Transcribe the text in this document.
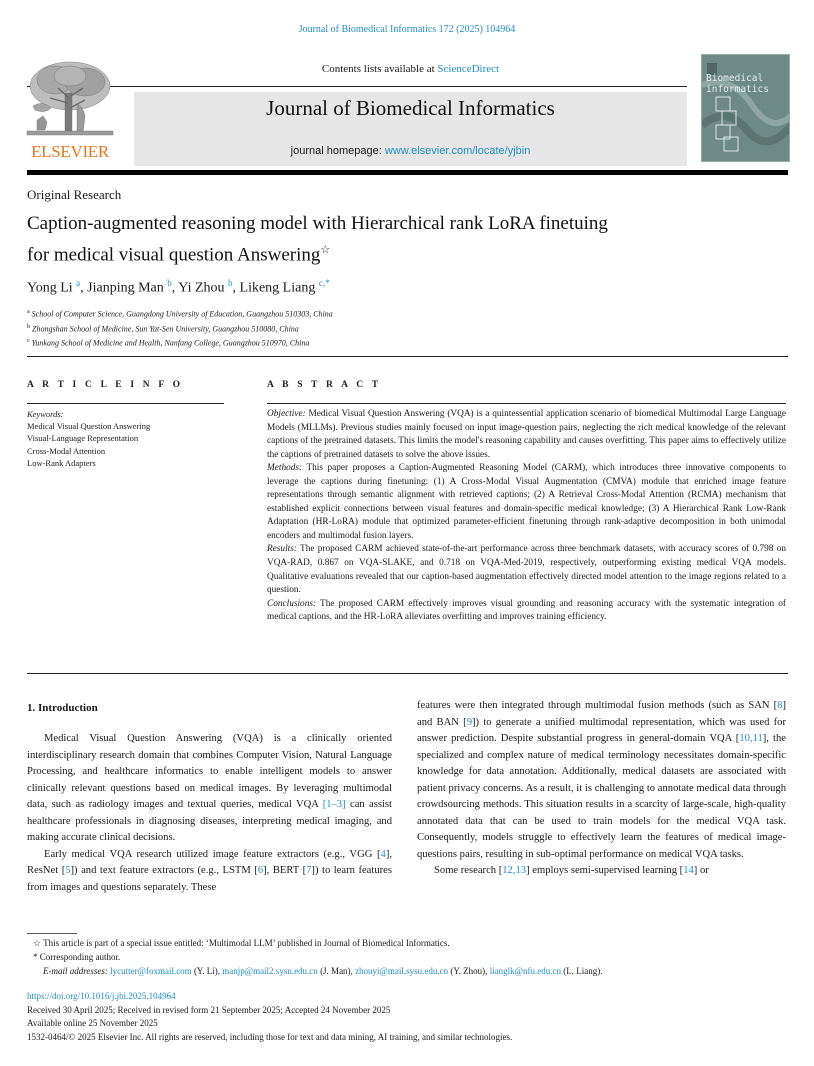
Journal of Biomedical Informatics 172 (2025) 104964
ELSEVIER
Contents lists available at ScienceDirect
Journal of Biomedical Informatics
journal homepage: www.elsevier.com/locate/yjbin
Biomedical
informatics
Original Research
Caption-augmented reasoning model with Hierarchical rank LoRA finetuing
for medical visual question Answering☆
Yong Li $^a$, Jianping Man $^b$, Yi Zhou $^b$, Likeng Liang $^{c,*}$
$^a$ School of Computer Science, Guangdong University of Education, Guangzhou 510303, China
$^b$ Zhongshan School of Medicine, Sun Yat-Sen University, Guangzhou 510080, China
$^c$ Yunkang School of Medicine and Health, Nanfang College, Guangzhou 510970, China
A R T I C L E I N F O
Keywords:
Medical Visual Question Answering
Visual-Language Representation
Cross-Modal Attention
Low-Rank Adapters
A B S T R A C T

Objective: Medical Visual Question Answering (VQA) is a quintessential application scenario of biomedical Multimodal Large Language Models (MLLMs). Previous studies mainly focused on input image-question pairs, neglecting the rich medical knowledge of the relevant captions of the pretrained datasets. This limits the model's reasoning capability and causes overfitting. This paper aims to effectively utilize the captions of pretrained datasets to solve the above issues.

Methods: This paper proposes a Caption-Augmented Reasoning Model (CARM), which introduces three innovative components to leverage the captions during finetuning: (1) A Cross-Modal Visual Augmentation (CMVA) module that enriched image feature representations through semantic alignment with retrieved captions; (2) A Retrieval Cross-Modal Attention (RCMA) mechanism that established explicit connections between visual features and domain-specific medical knowledge; (3) A Hierarchical Rank Low-Rank Adaptation (HR-LoRA) module that optimized parameter-efficient finetuning through rank-adaptive decomposition in both unimodal encoders and multimodal fusion layers.

Results: The proposed CARM achieved state-of-the-art performance across three benchmark datasets, with accuracy scores of 0.798 on VQA-RAD, 0.867 on VQA-SLAKE, and 0.718 on VQA-Med-2019, respectively, outperforming existing medical VQA models. Qualitative evaluations revealed that our caption-based augmentation effectively directed model attention to the image regions related to a question.

Conclusions: The proposed CARM effectively improves visual grounding and reasoning accuracy with the systematic integration of medical captions, and the HR-LoRA alleviates overfitting and improves training efficiency.

1. Introduction

Medical Visual Question Answering (VQA) is a clinically oriented interdisciplinary research domain that combines Computer Vision, Natural Language Processing, and healthcare informatics to enable intelligent models to answer clinically relevant questions based on medical images. By leveraging multimodal data, such as radiology images and textual queries, medical VQA [1–3] can assist healthcare professionals in diagnosing diseases, interpreting medical imaging, and making accurate clinical decisions.

Early medical VQA research utilized image feature extractors (e.g., VGG [4], ResNet [5]) and text feature extractors (e.g., LSTM [6], BERT [7]) to learn features from images and questions separately. These

features were then integrated through multimodal fusion methods (such as SAN [8] and BAN [9]) to generate a unified multimodal representation, which was used for answer prediction. Despite substantial progress in general-domain VQA [10,11], the specialized and complex nature of medical terminology necessitates domain-specific knowledge for data annotation. Additionally, medical datasets are associated with patient privacy concerns. As a result, it is challenging to annotate medical data through crowdsourcing methods. This situation results in a scarcity of large-scale, high-quality annotated data that can be used to train models for the medical VQA task. Consequently, models struggle to effectively learn the features of medical image-questions pairs, resulting in sub-optimal performance on medical VQA tasks.

Some research [12,13] employs semi-supervised learning [14] or

☆ This article is part of a special issue entitled: ‘Multimodal LLM’ published in Journal of Biomedical Informatics.
* Corresponding author.
E-mail addresses: lycutter@foxmail.com (Y. Li), manjp@mail2.sysu.edu.cn (J. Man), zhouyi@mail.sysu.edu.cn (Y. Zhou), lianglk@nfu.edu.cn (L. Liang).
https://doi.org/10.1016/j.jbi.2025.104964
Received 30 April 2025; Received in revised form 21 September 2025; Accepted 24 November 2025
Available online 25 November 2025
1532-0464/© 2025 Elsevier Inc. All rights are reserved, including those for text and data mining, AI training, and similar technologies.
